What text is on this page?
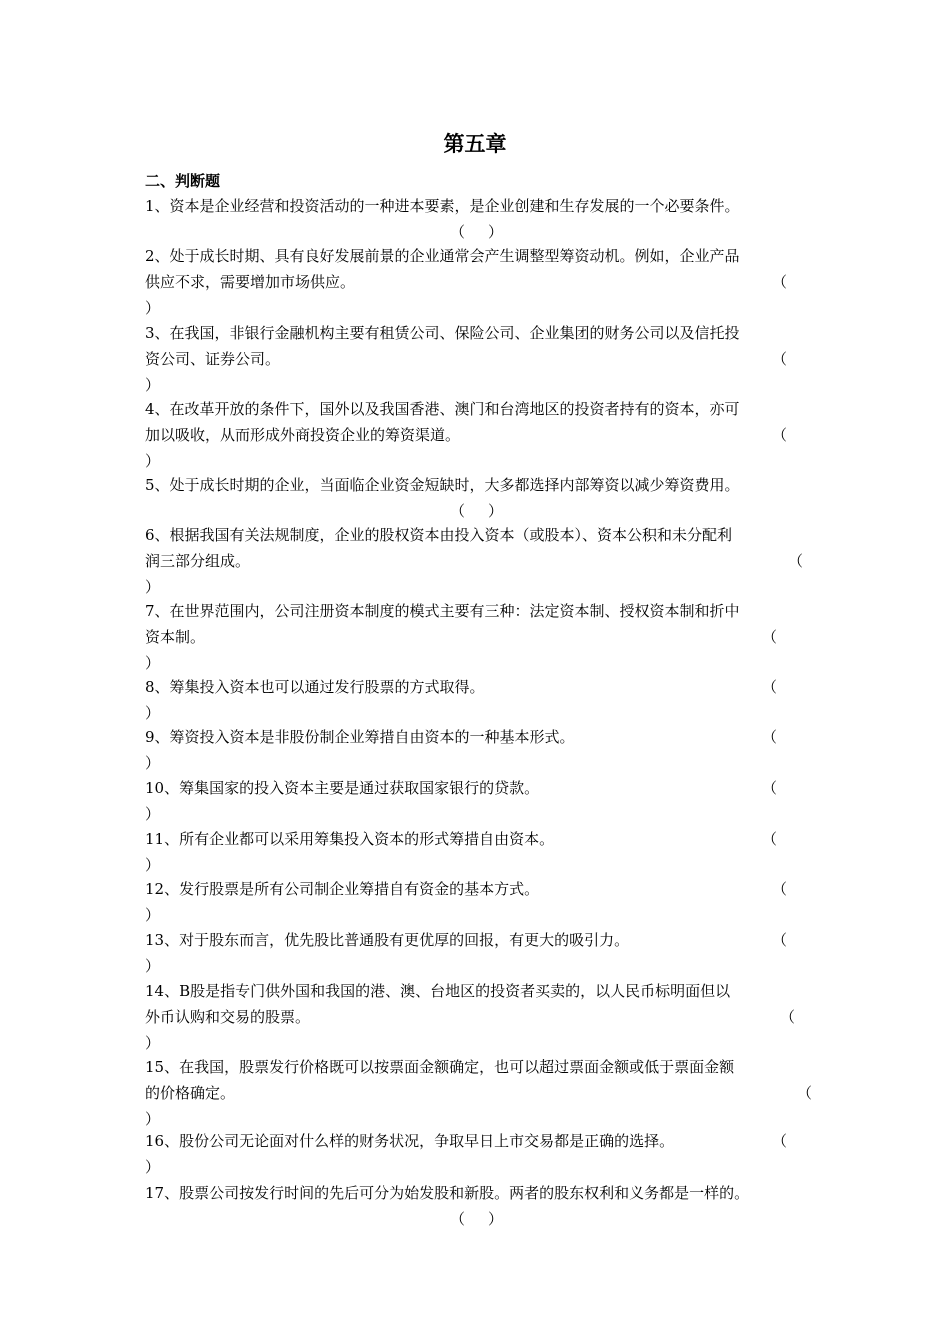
第五章
二、判断题
1、资本是企业经营和投资活动的一种进本要素，是企业创建和生存发展的一个必要条件。
（ ）
2、处于成长时期、具有良好发展前景的企业通常会产生调整型筹资动机。例如，企业产品
供应不求，需要增加市场供应。	（
）
3、在我国，非银行金融机构主要有租赁公司、保险公司、企业集团的财务公司以及信托投
资公司、证券公司。	（
）
4、在改革开放的条件下，国外以及我国香港、澳门和台湾地区的投资者持有的资本，亦可
加以吸收，从而形成外商投资企业的筹资渠道。	（
）
5、处于成长时期的企业，当面临企业资金短缺时，大多都选择内部筹资以减少筹资费用。
（ ）
6、根据我国有关法规制度，企业的股权资本由投入资本（或股本）、资本公积和未分配利
润三部分组成。	（
）
7、在世界范围内，公司注册资本制度的模式主要有三种：法定资本制、授权资本制和折中
资本制。	（
）
8、筹集投入资本也可以通过发行股票的方式取得。	（
）
9、筹资投入资本是非股份制企业筹措自由资本的一种基本形式。	（
）
10、筹集国家的投入资本主要是通过获取国家银行的贷款。	（
）
11、所有企业都可以采用筹集投入资本的形式筹措自由资本。	（
）
12、发行股票是所有公司制企业筹措自有资金的基本方式。	（
）
13、对于股东而言，优先股比普通股有更优厚的回报，有更大的吸引力。	（
）
14、B股是指专门供外国和我国的港、澳、台地区的投资者买卖的，以人民币标明面但以
外币认购和交易的股票。	（
）
15、在我国，股票发行价格既可以按票面金额确定，也可以超过票面金额或低于票面金额
的价格确定。	（
）
16、股份公司无论面对什么样的财务状况，争取早日上市交易都是正确的选择。	（
）
17、股票公司按发行时间的先后可分为始发股和新股。两者的股东权利和义务都是一样的。
（ ）
